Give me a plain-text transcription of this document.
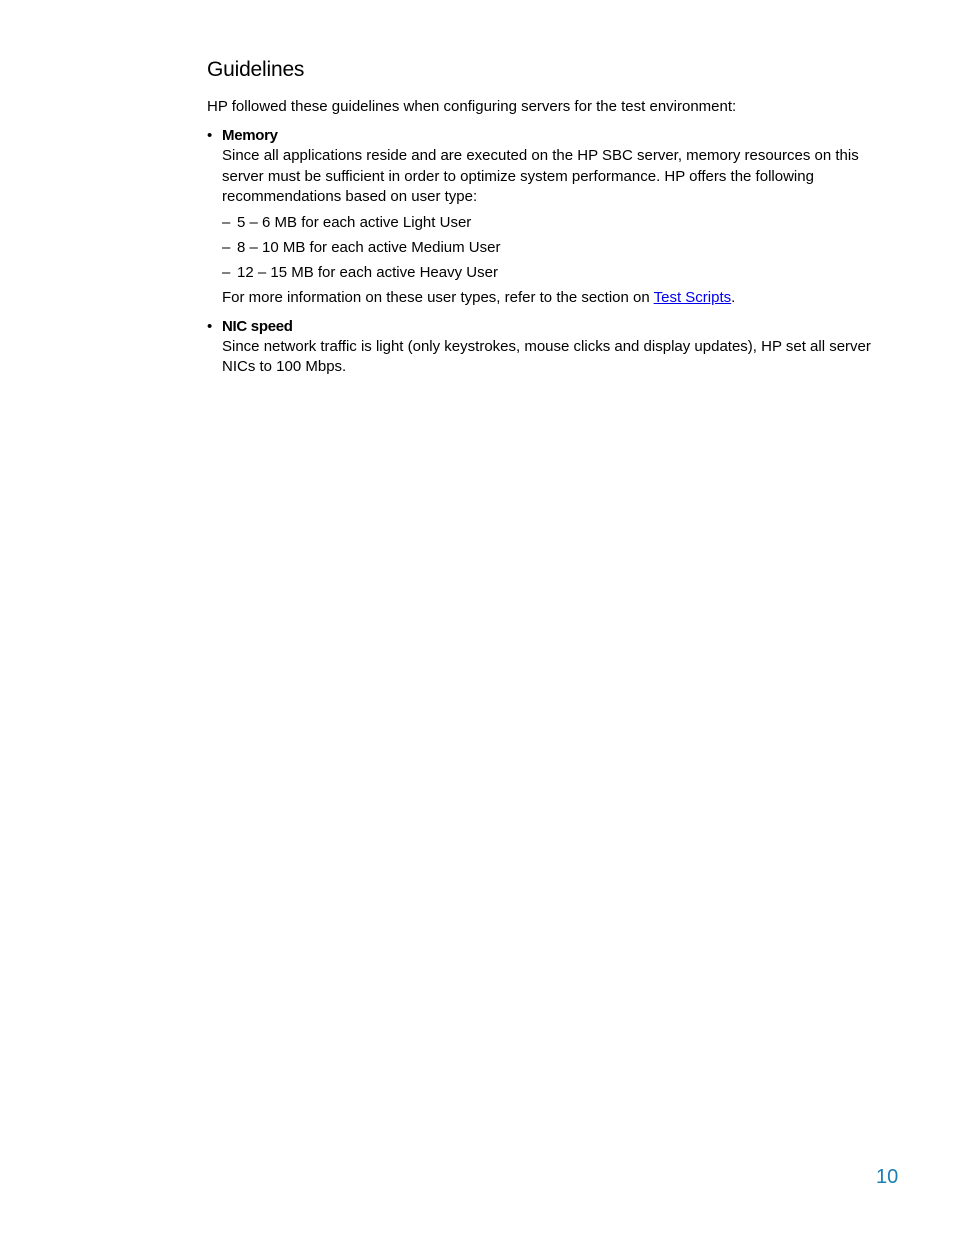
Guidelines

HP followed these guidelines when configuring servers for the test environment:

• Memory

Since all applications reside and are executed on the HP SBC server, memory resources on this server must be sufficient in order to optimize system performance. HP offers the following recommendations based on user type:

– 5 – 6 MB for each active Light User
– 8 – 10 MB for each active Medium User
– 12 – 15 MB for each active Heavy User

For more information on these user types, refer to the section on Test Scripts.

• NIC speed

Since network traffic is light (only keystrokes, mouse clicks and display updates), HP set all server NICs to 100 Mbps.

10
